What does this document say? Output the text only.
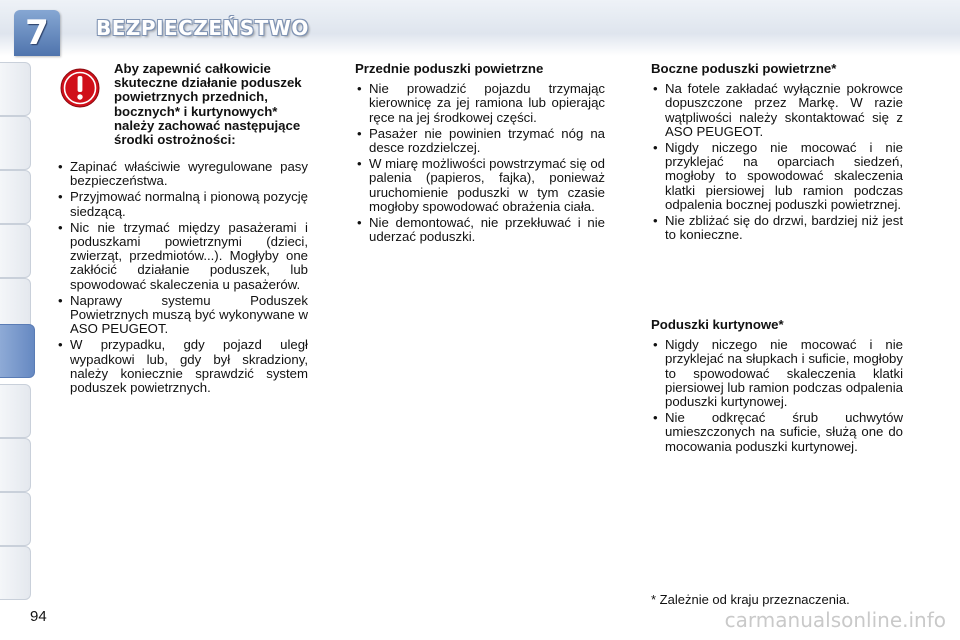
7 BEZPIECZEŃSTWO
Aby zapewnić całkowicie skuteczne działanie poduszek powietrznych przednich, bocznych* i kurtynowych* należy zachować następujące środki ostrożności:
• Zapinać właściwie wyregulowane pasy bezpieczeństwa.
• Przyjmować normalną i pionową pozycję siedzącą.
• Nic nie trzymać między pasażerami i poduszkami powietrznymi (dzieci, zwierząt, przedmiotów...). Mogłyby one zakłócić działanie poduszek, lub spowodować skaleczenia u pasażerów.
• Naprawy systemu Poduszek Powietrznych muszą być wykonywane w ASO PEUGEOT.
• W przypadku, gdy pojazd uległ wypadkowi lub, gdy był skradziony, należy koniecznie sprawdzić system poduszek powietrznych.
Przednie poduszki powietrzne
• Nie prowadzić pojazdu trzymając kierownicę za jej ramiona lub opierając ręce na jej środkowej części.
• Pasażer nie powinien trzymać nóg na desce rozdzielczej.
• W miarę możliwości powstrzymać się od palenia (papieros, fajka), ponieważ uruchomienie poduszki w tym czasie mogłoby spowodować obrażenia ciała.
• Nie demontować, nie przekłuwać i nie uderzać poduszki.
Boczne poduszki powietrzne*
• Na fotele zakładać wyłącznie pokrowce dopuszczone przez Markę. W razie wątpliwości należy skontaktować się z ASO PEUGEOT.
• Nigdy niczego nie mocować i nie przyklejać na oparciach siedzeń, mogłoby to spowodować skaleczenia klatki piersiowej lub ramion podczas odpalenia bocznej poduszki powietrznej.
• Nie zbliżać się do drzwi, bardziej niż jest to konieczne.
Poduszki kurtynowe*
• Nigdy niczego nie mocować i nie przyklejać na słupkach i suficie, mogłoby to spowodować skaleczenia klatki piersiowej lub ramion podczas odpalenia poduszki kurtynowej.
• Nie odkręcać śrub uchwytów umieszczonych na suficie, służą one do mocowania poduszki kurtynowej.
* Zależnie od kraju przeznaczenia.
94	carmanualsonline.info
